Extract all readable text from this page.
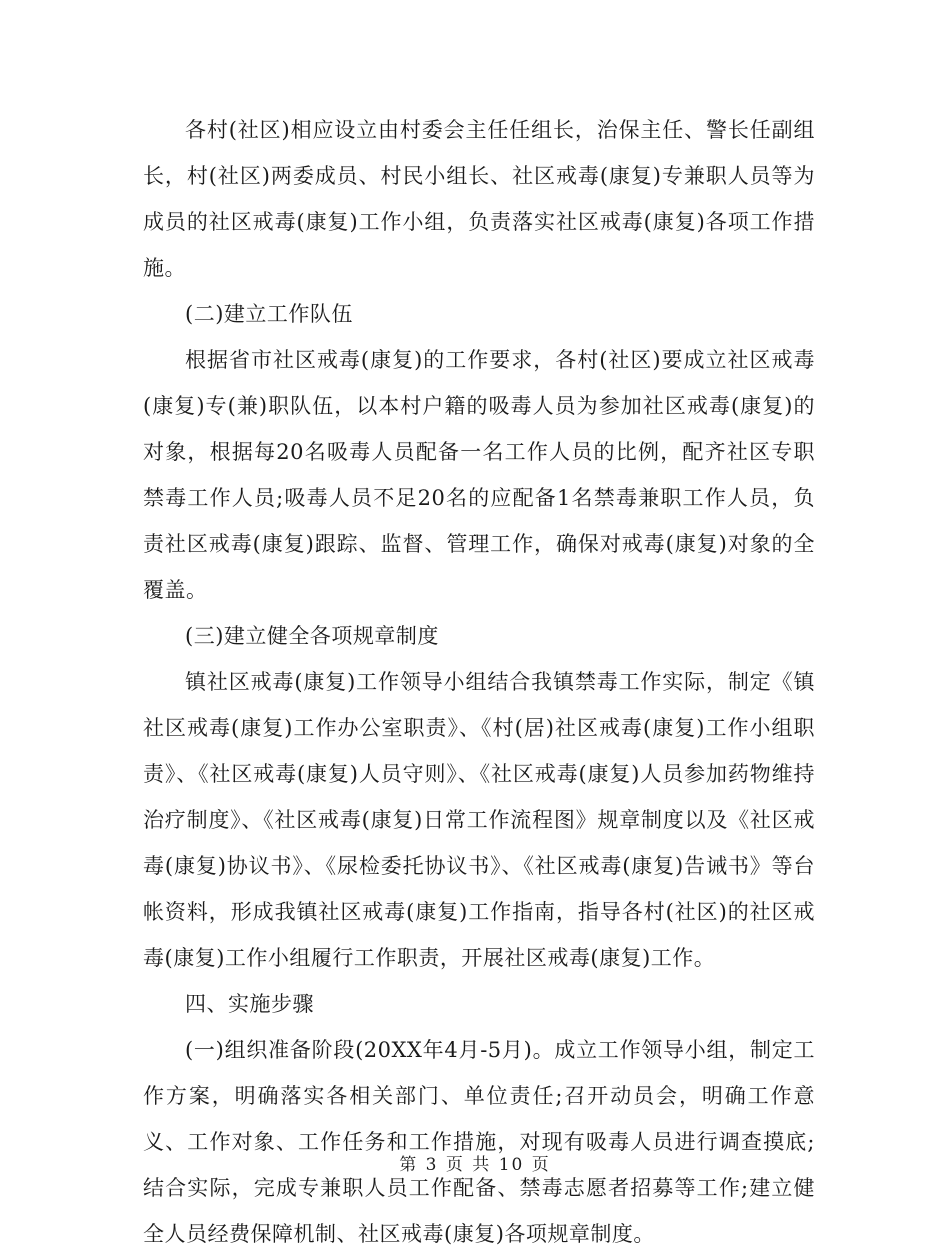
各村(社区)相应设立由村委会主任任组长，治保主任、警长任副组长，村(社区)两委成员、村民小组长、社区戒毒(康复)专兼职人员等为成员的社区戒毒(康复)工作小组，负责落实社区戒毒(康复)各项工作措施。

(二)建立工作队伍

根据省市社区戒毒(康复)的工作要求，各村(社区)要成立社区戒毒(康复)专(兼)职队伍，以本村户籍的吸毒人员为参加社区戒毒(康复)的对象，根据每20名吸毒人员配备一名工作人员的比例，配齐社区专职禁毒工作人员;吸毒人员不足20名的应配备1名禁毒兼职工作人员，负责社区戒毒(康复)跟踪、监督、管理工作，确保对戒毒(康复)对象的全覆盖。

(三)建立健全各项规章制度

镇社区戒毒(康复)工作领导小组结合我镇禁毒工作实际，制定《镇社区戒毒(康复)工作办公室职责》、《村(居)社区戒毒(康复)工作小组职责》、《社区戒毒(康复)人员守则》、《社区戒毒(康复)人员参加药物维持治疗制度》、《社区戒毒(康复)日常工作流程图》规章制度以及《社区戒毒(康复)协议书》、《尿检委托协议书》、《社区戒毒(康复)告诫书》等台帐资料，形成我镇社区戒毒(康复)工作指南，指导各村(社区)的社区戒毒(康复)工作小组履行工作职责，开展社区戒毒(康复)工作。

四、实施步骤

(一)组织准备阶段(20XX年4月-5月)。成立工作领导小组，制定工作方案，明确落实各相关部门、单位责任;召开动员会，明确工作意义、工作对象、工作任务和工作措施，对现有吸毒人员进行调查摸底;结合实际，完成专兼职人员工作配备、禁毒志愿者招募等工作;建立健全人员经费保障机制、社区戒毒(康复)各项规章制度。

第 3 页 共 10 页
